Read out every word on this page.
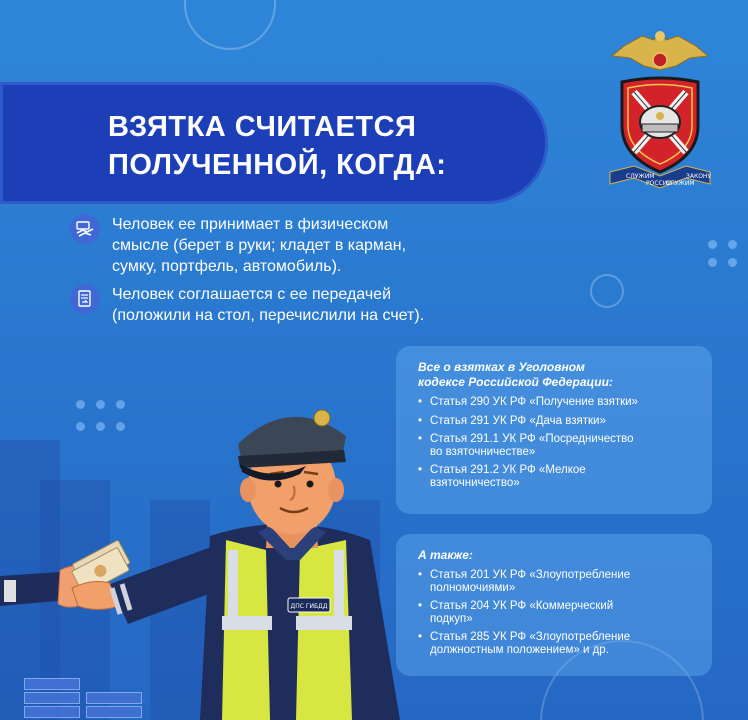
ВЗЯТКА СЧИТАЕТСЯ
ПОЛУЧЕННОЙ, КОГДА:	СЛУЖИМ
РОССИИ
СЛУЖИМ
ЗАКОНУ
Человек ее принимает в физическом
смысле (берет в руки; кладет в карман,
сумку, портфель, автомобиль).
Человек соглашается с ее передачей
(положили на стол, перечислили на счет).
Все о взятках в Уголовном
кодексе Российской Федерации:
• Статья 290 УК РФ «Получение взятки»
• Статья 291 УК РФ «Дача взятки»
• Статья 291.1 УК РФ «Посредничество
во взяточничестве»
• Статья 291.2 УК РФ «Мелкое
взяточничество»
А также:
• Статья 201 УК РФ «Злоупотребление
полномочиями»
• Статья 204 УК РФ «Коммерческий
подкуп»
• Статья 285 УК РФ «Злоупотребление
должностным положением» и др.
ДПС ГИБДД
